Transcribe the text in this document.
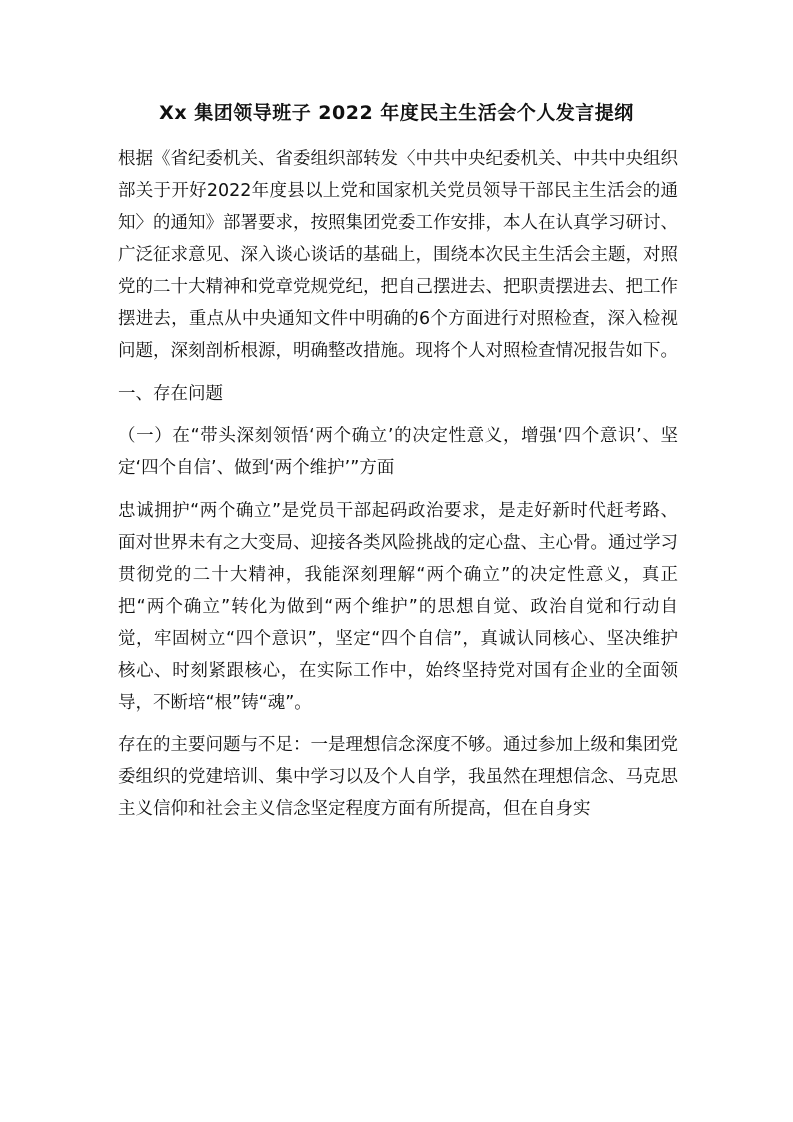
Xx 集团领导班子 2022 年度民主生活会个人发言提纲

根据《省纪委机关、省委组织部转发〈中共中央纪委机关、中共中央组织部关于开好2022年度县以上党和国家机关党员领导干部民主生活会的通知〉的通知》部署要求，按照集团党委工作安排，本人在认真学习研讨、广泛征求意见、深入谈心谈话的基础上，围绕本次民主生活会主题，对照党的二十大精神和党章党规党纪，把自己摆进去、把职责摆进去、把工作摆进去，重点从中央通知文件中明确的6个方面进行对照检查，深入检视问题，深刻剖析根源，明确整改措施。现将个人对照检查情况报告如下。

一、存在问题

（一）在“带头深刻领悟‘两个确立’的决定性意义，增强‘四个意识’、坚定‘四个自信’、做到‘两个维护’”方面

忠诚拥护“两个确立”是党员干部起码政治要求，是走好新时代赶考路、面对世界未有之大变局、迎接各类风险挑战的定心盘、主心骨。通过学习贯彻党的二十大精神，我能深刻理解“两个确立”的决定性意义，真正把“两个确立”转化为做到“两个维护”的思想自觉、政治自觉和行动自觉，牢固树立“四个意识”，坚定“四个自信”，真诚认同核心、坚决维护核心、时刻紧跟核心，在实际工作中，始终坚持党对国有企业的全面领导，不断培“根”铸“魂”。

存在的主要问题与不足：一是理想信念深度不够。通过参加上级和集团党委组织的党建培训、集中学习以及个人自学，我虽然在理想信念、马克思主义信仰和社会主义信念坚定程度方面有所提高，但在自身实
